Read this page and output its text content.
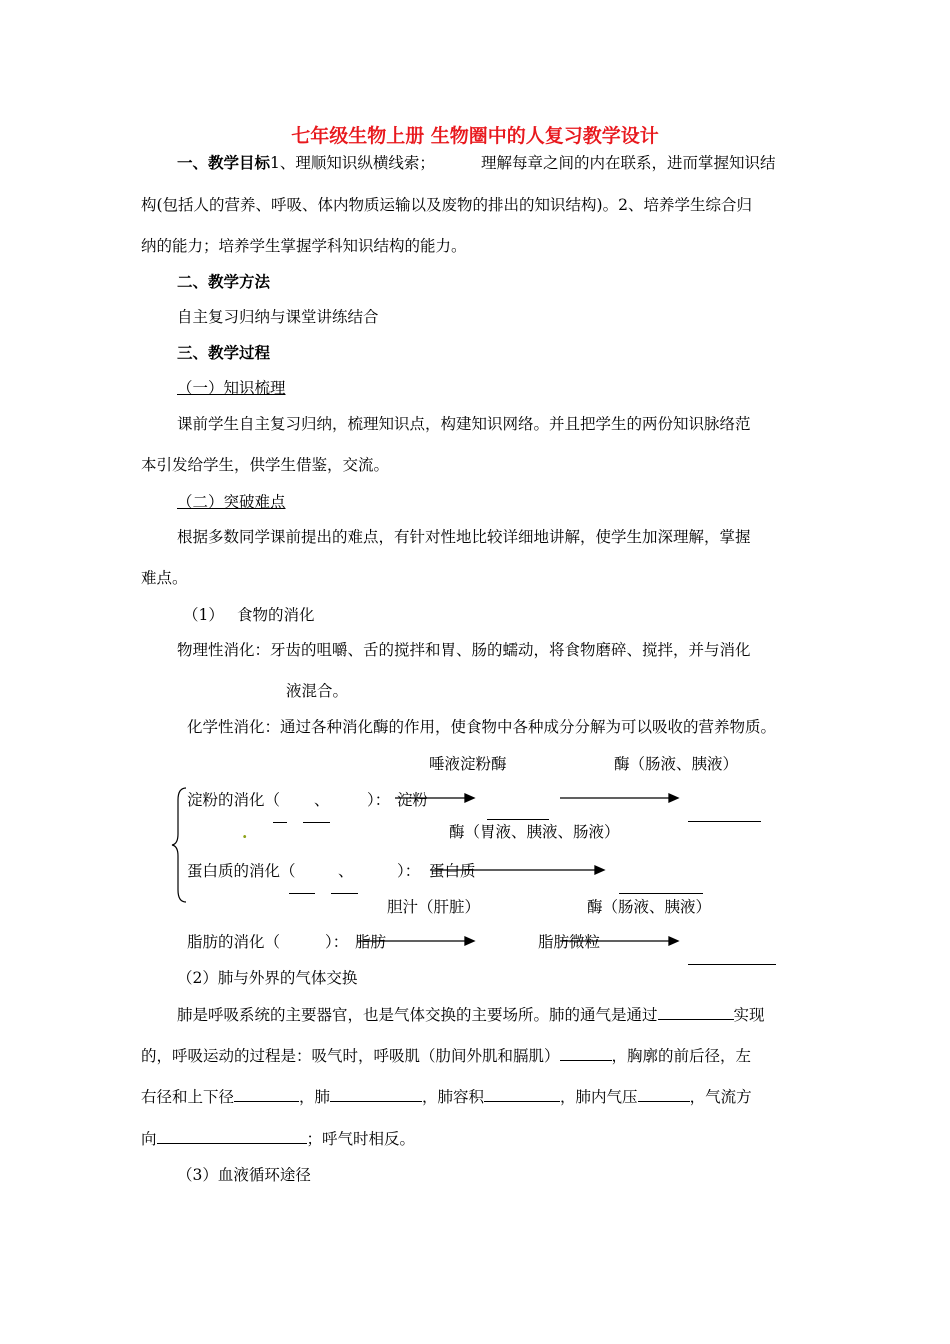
七年级生物上册 生物圈中的人复习教学设计
一、教学目标1、理顺知识纵横线索；	理解每章之间的内在联系，进而掌握知识结
构(包括人的营养、呼吸、体内物质运输以及废物的排出的知识结构)。2、培养学生综合归
纳的能力；培养学生掌握学科知识结构的能力。
二、教学方法
自主复习归纳与课堂讲练结合
三、教学过程
（一）知识梳理
课前学生自主复习归纳，梳理知识点，构建知识网络。并且把学生的两份知识脉络范
本引发给学生，供学生借鉴，交流。
（二）突破难点
根据多数同学课前提出的难点，有针对性地比较详细地讲解，使学生加深理解，掌握
难点。
（1） 食物的消化
物理性消化：牙齿的咀嚼、舌的搅拌和胃、肠的蠕动，将食物磨碎、搅拌，并与消化
液混合。
化学性消化：通过各种消化酶的作用，使食物中各种成分分解为可以吸收的营养物质。
唾液淀粉酶	酶（肠液、胰液）
淀粉的消化（ 、 ）： 淀粉
.	酶（胃液、胰液、肠液）
蛋白质的消化（	、	）： 蛋白质
胆汁（肝脏）	酶（肠液、胰液）
脂肪的消化（	）： 脂肪	脂肪微粒
（2）肺与外界的气体交换
肺是呼吸系统的主要器官，也是气体交换的主要场所。肺的通气是通过	实现
的，呼吸运动的过程是：吸气时，呼吸肌（肋间外肌和膈肌）	，胸廓的前后径，左
右径和上下径	，肺	，肺容积	，肺内气压	，气流方
向	；呼气时相反。
（3）血液循环途径
